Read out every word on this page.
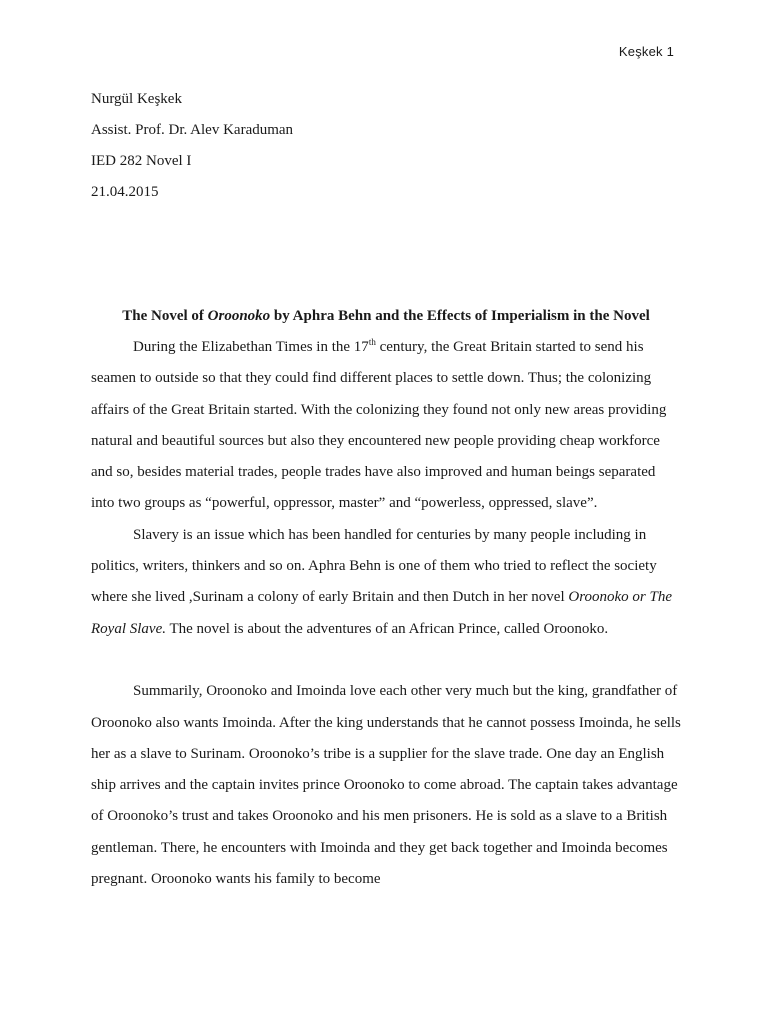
Keşkek 1
Nurgül Keşkek
Assist. Prof. Dr. Alev Karaduman
IED 282 Novel I
21.04.2015
The Novel of Oroonoko by Aphra Behn and the Effects of Imperialism in the Novel

During the Elizabethan Times in the 17th century, the Great Britain started to send his seamen to outside so that they could find different places to settle down. Thus; the colonizing affairs of the Great Britain started. With the colonizing they found not only new areas providing natural and beautiful sources but also they encountered new people providing cheap workforce and so, besides material trades, people trades have also improved and human beings separated into two groups as “powerful, oppressor, master” and “powerless, oppressed, slave”.

Slavery is an issue which has been handled for centuries by many people including in politics, writers, thinkers and so on. Aphra Behn is one of them who tried to reflect the society where she lived ,Surinam a colony of early Britain and then Dutch in her novel Oroonoko or The Royal Slave. The novel is about the adventures of an African Prince, called Oroonoko.

Summarily, Oroonoko and Imoinda love each other very much but the king, grandfather of Oroonoko also wants Imoinda. After the king understands that he cannot possess Imoinda, he sells her as a slave to Surinam. Oroonoko’s tribe is a supplier for the slave trade. One day an English ship arrives and the captain invites prince Oroonoko to come abroad. The captain takes advantage of Oroonoko’s trust and takes Oroonoko and his men prisoners. He is sold as a slave to a British gentleman. There, he encounters with Imoinda and they get back together and Imoinda becomes pregnant. Oroonoko wants his family to become
